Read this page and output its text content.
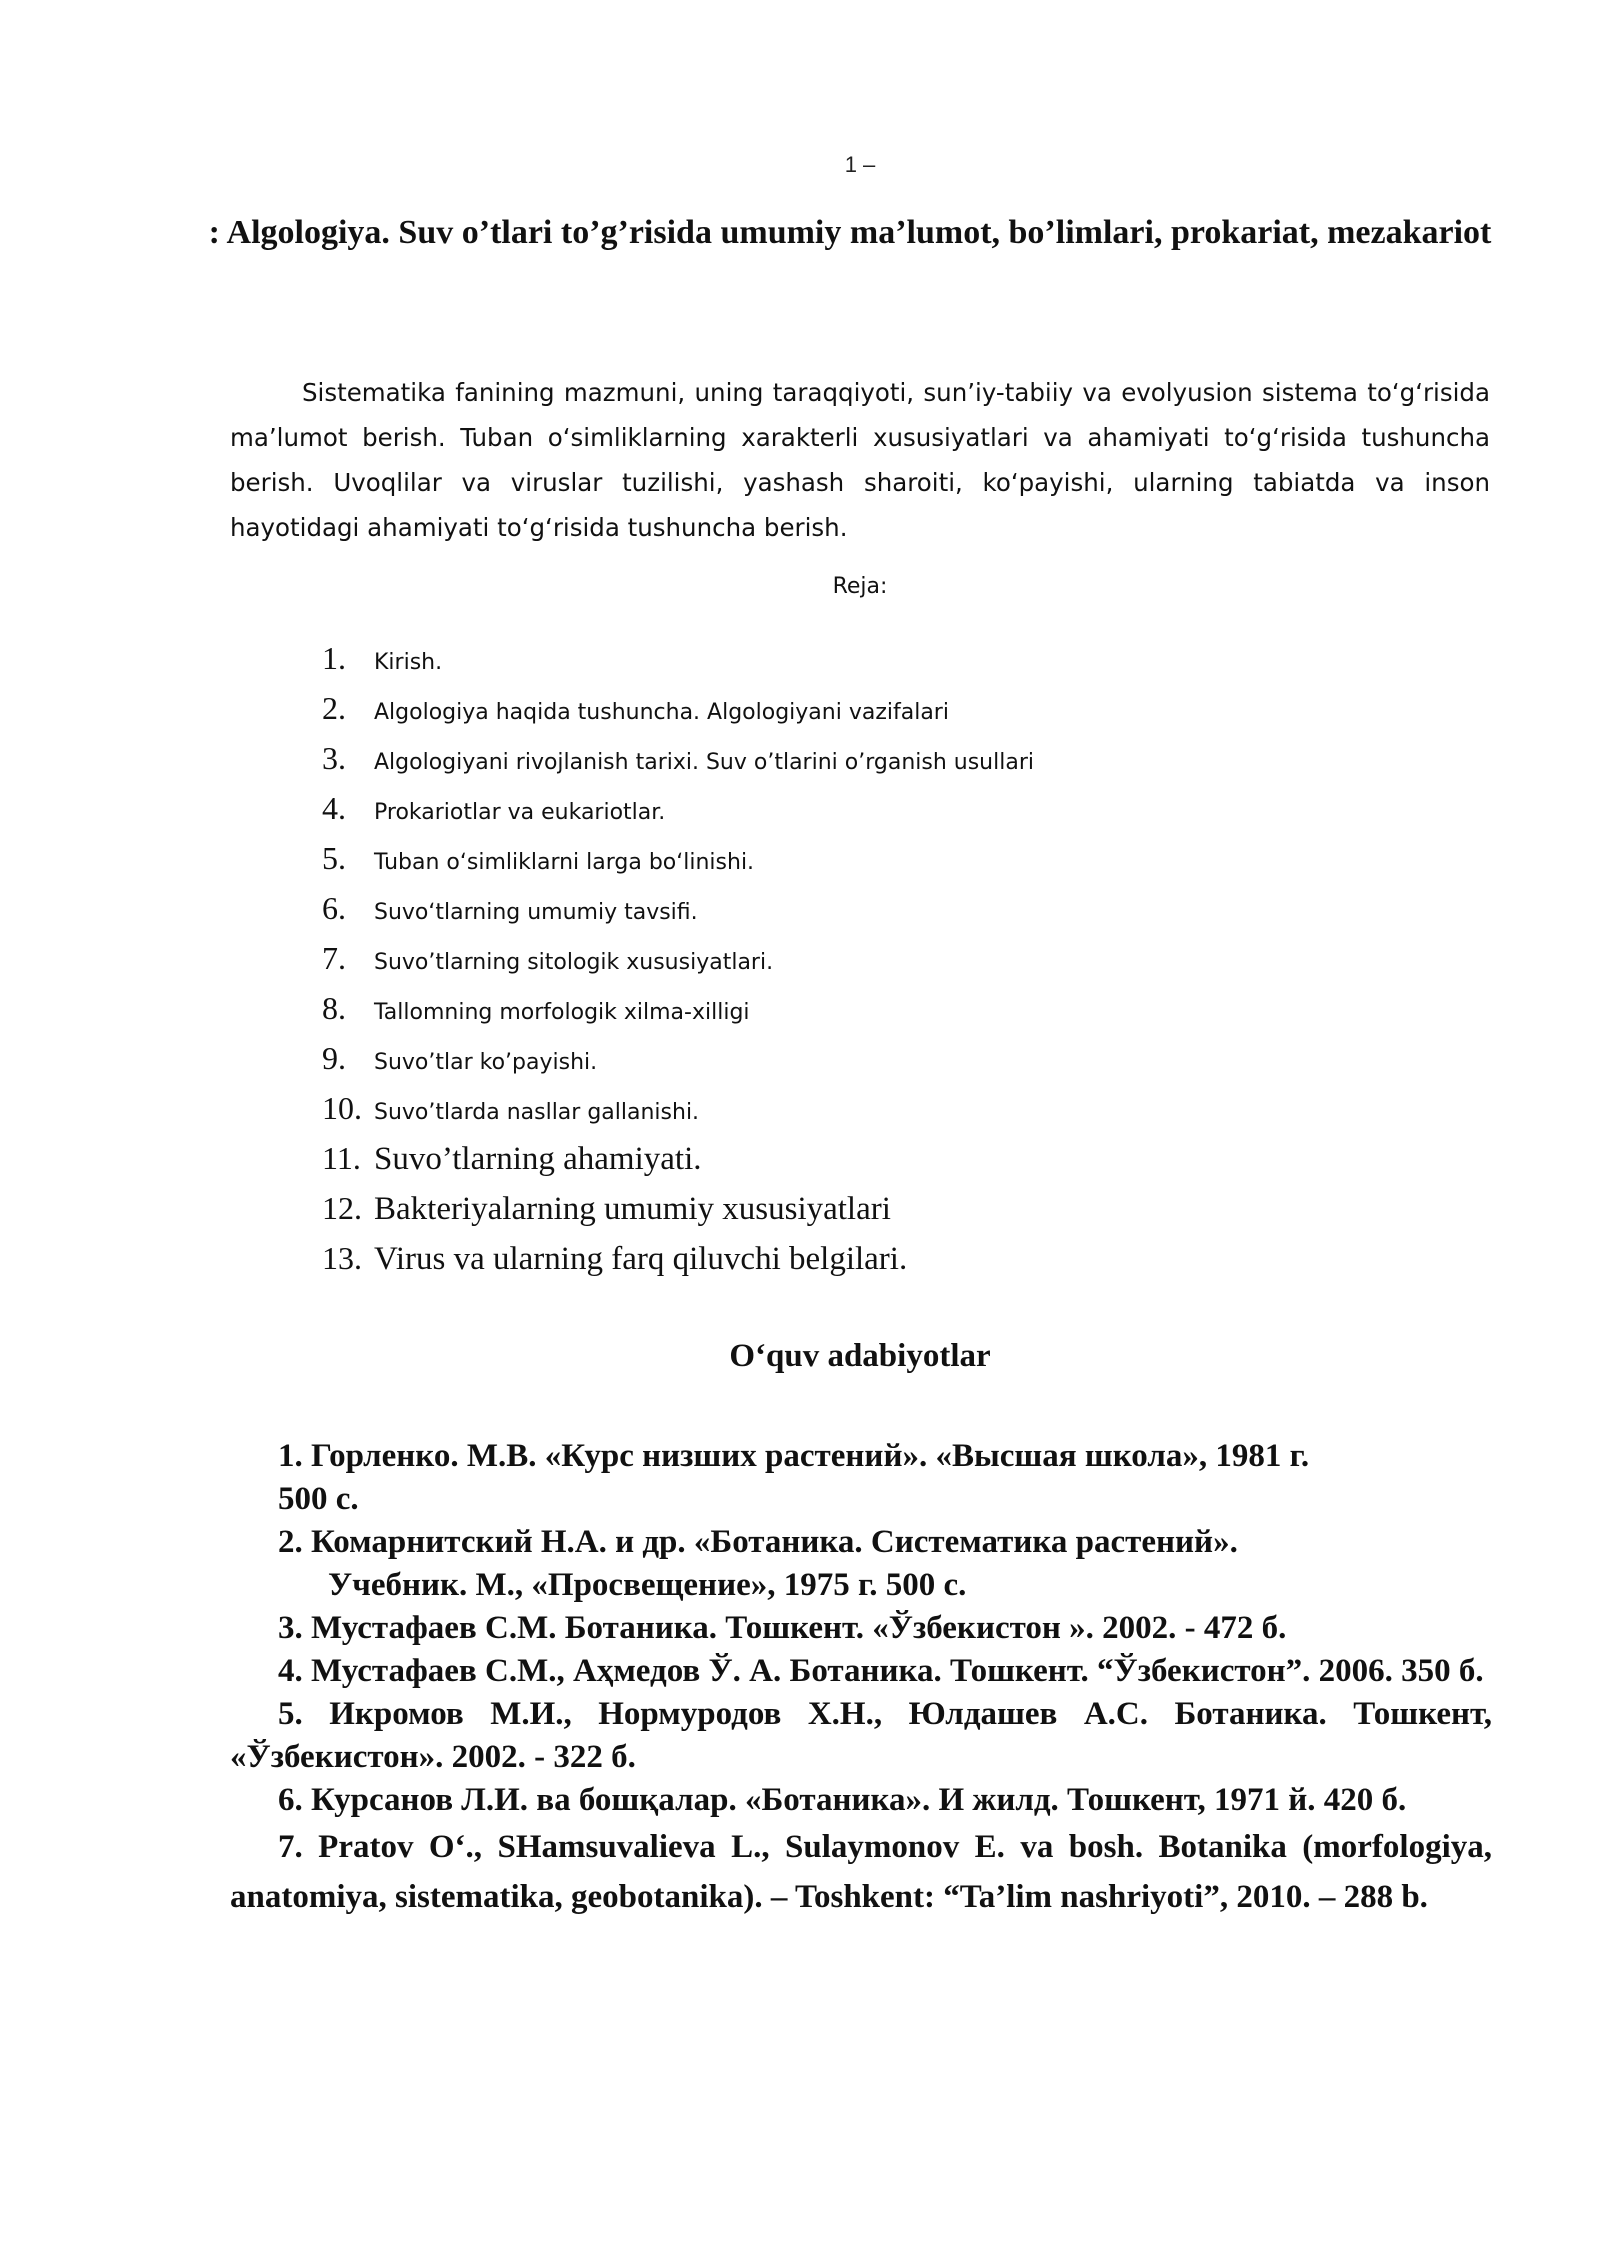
1 –
: Algologiya. Suv o’tlari to’g’risida umumiy ma’lumot, bo’limlari, prokariat, mezakariot

Sistematika fanining mazmuni, uning taraqqiyoti, sun’iy-tabiiy va evolyusion sistema toʻgʻrisida ma’lumot berish. Tuban oʻsimliklarning xarakterli xususiyatlari va ahamiyati toʻgʻrisida tushuncha berish. Uvoqlilar va viruslar tuzilishi, yashash sharoiti, koʻpayishi, ularning tabiatda va inson hayotidagi ahamiyati toʻgʻrisida tushuncha berish.

Reja:
1.	Kirish.
2.	Algologiya haqida tushuncha. Algologiyani vazifalari
3.	Algologiyani rivojlanish tarixi. Suv o’tlarini o’rganish usullari
4.	Prokariotlar va eukariotlar.
5.	Tuban oʻsimliklarni larga boʻlinishi.
6.	Suvoʻtlarning umumiy tavsifi.
7.	Suvo’tlarning sitologik xususiyatlari.
8.	Tallomning morfologik xilma-xilligi
9.	Suvo’tlar ko’payishi.
10. Suvo’tlarda nasllar gallanishi.
11. Suvo’tlarning ahamiyati.
12. Bakteriyalarning umumiy xususiyatlari
13. Virus va ularning farq qiluvchi belgilari.
Oʻquv adabiyotlar
1. Горленко. М.В. «Курс низших растений». «Высшая школа», 1981 г.
500 с.
2. Комарнитский Н.А. и др. «Ботаника. Систематика растений».
Учебник. М., «Просвещение», 1975 г. 500 с.
3. Мустафаев С.М. Ботаника. Тошкент. «Ўзбекистон ». 2002. - 472 б.
4. Мустафаев С.М., Аҳмедов Ў. А. Ботаника. Тошкент. “Ўзбекистон”. 2006. 350 б.
5. Икромов М.И., Нормуродов Х.Н., Юлдашев А.С. Ботаника. Тошкент, «Ўзбекистон». 2002. - 322 б.
6. Курсанов Л.И. ва бошқалар. «Ботаника». И жилд. Тошкент, 1971 й. 420 б.
7. Pratov Oʻ., SHamsuvalieva L., Sulaymonov E. va bosh. Botanika (morfologiya, anatomiya, sistematika, geobotanika). – Toshkent: “Ta’lim nashriyoti”, 2010. – 288 b.
